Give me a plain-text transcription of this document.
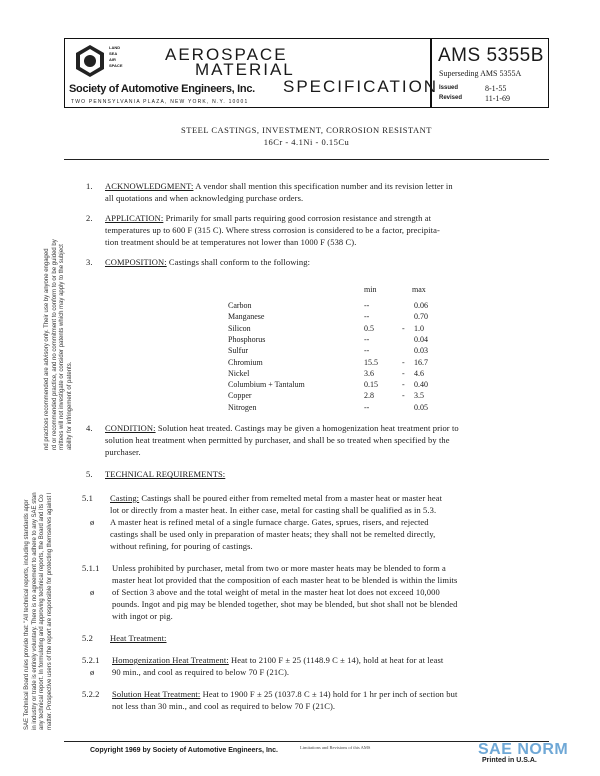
LAND
SEA
AIR
SPACE
AEROSPACE
MATERIAL
SPECIFICATION
Society of Automotive Engineers, Inc.
TWO PENNSYLVANIA PLAZA, NEW YORK, N.Y. 10001
AMS 5355B
Superseding AMS 5355A
Issued	8-1-55
Revised	11-1-69
STEEL CASTINGS, INVESTMENT, CORROSION RESISTANT
16Cr - 4.1Ni - 0.15Cu
SAE Technical Board rules provide that: "All technical reports, including standards appr in industry or trade is entirely voluntary. There is no agreement to adhere to any SAE stan any technical report. In formulating and approving technical reports, the Board and its Co matter. Prospective users of the report are responsible for protecting themselves against l
nd practices recommended are advisory only. Their use by anyone engaged rd or recommended practice, and no commitment to conform to or be guided by mittees will not investigate or consider patents which may apply to the subject ability for infringement of patents.
1. ACKNOWLEDGMENT: A vendor shall mention this specification number and its revision letter in
all quotations and when acknowledging purchase orders.
2. APPLICATION: Primarily for small parts requiring good corrosion resistance and strength at
temperatures up to 600 F (315 C). Where stress corrosion is considered to be a factor, precipita-
tion treatment should be at temperatures not lower than 1000 F (538 C).
3. COMPOSITION: Castings shall conform to the following:
min	max
Carbon	--	0.06
Manganese	--	0.70
Silicon	0.5	- 1.0
Phosphorus	--	0.04
Sulfur	--	0.03
Chromium	15.5	- 16.7
Nickel	3.6	- 4.6
Columbium + Tantalum	0.15	- 0.40
Copper	2.8	- 3.5
Nitrogen	--	0.05
4. CONDITION: Solution heat treated. Castings may be given a homogenization heat treatment prior to
solution heat treatment when permitted by purchaser, and shall be so treated when specified by the
purchaser.
5. TECHNICAL REQUIREMENTS:
5.1 Casting: Castings shall be poured either from remelted metal from a master heat or master heat
lot or directly from a master heat. In either case, metal for casting shall be qualified as in 5.3.
ø A master heat is refined metal of a single furnace charge. Gates, sprues, risers, and rejected
castings shall be used only in preparation of master heats; they shall not be remelted directly,
without refining, for pouring of castings.
5.1.1 Unless prohibited by purchaser, metal from two or more master heats may be blended to form a
master heat lot provided that the composition of each master heat to be blended is within the limits
ø of Section 3 above and the total weight of metal in the master heat lot does not exceed 10,000
pounds. Ingot and pig may be blended together, shot may be blended, but shot shall not be blended
with ingot or pig.
5.2 Heat Treatment:
5.2.1 Homogenization Heat Treatment: Heat to 2100 F ± 25 (1148.9 C ± 14), hold at heat for at least
ø 90 min., and cool as required to below 70 F (21C).
5.2.2 Solution Heat Treatment: Heat to 1900 F ± 25 (1037.8 C ± 14) hold for 1 hr per inch of section but
not less than 30 min., and cool as required to below 70 F (21C).
Copyright 1969 by Society of Automotive Engineers, Inc.	Limitations and Revisions of this AMS
Printed in U.S.A.
SAE NORM
